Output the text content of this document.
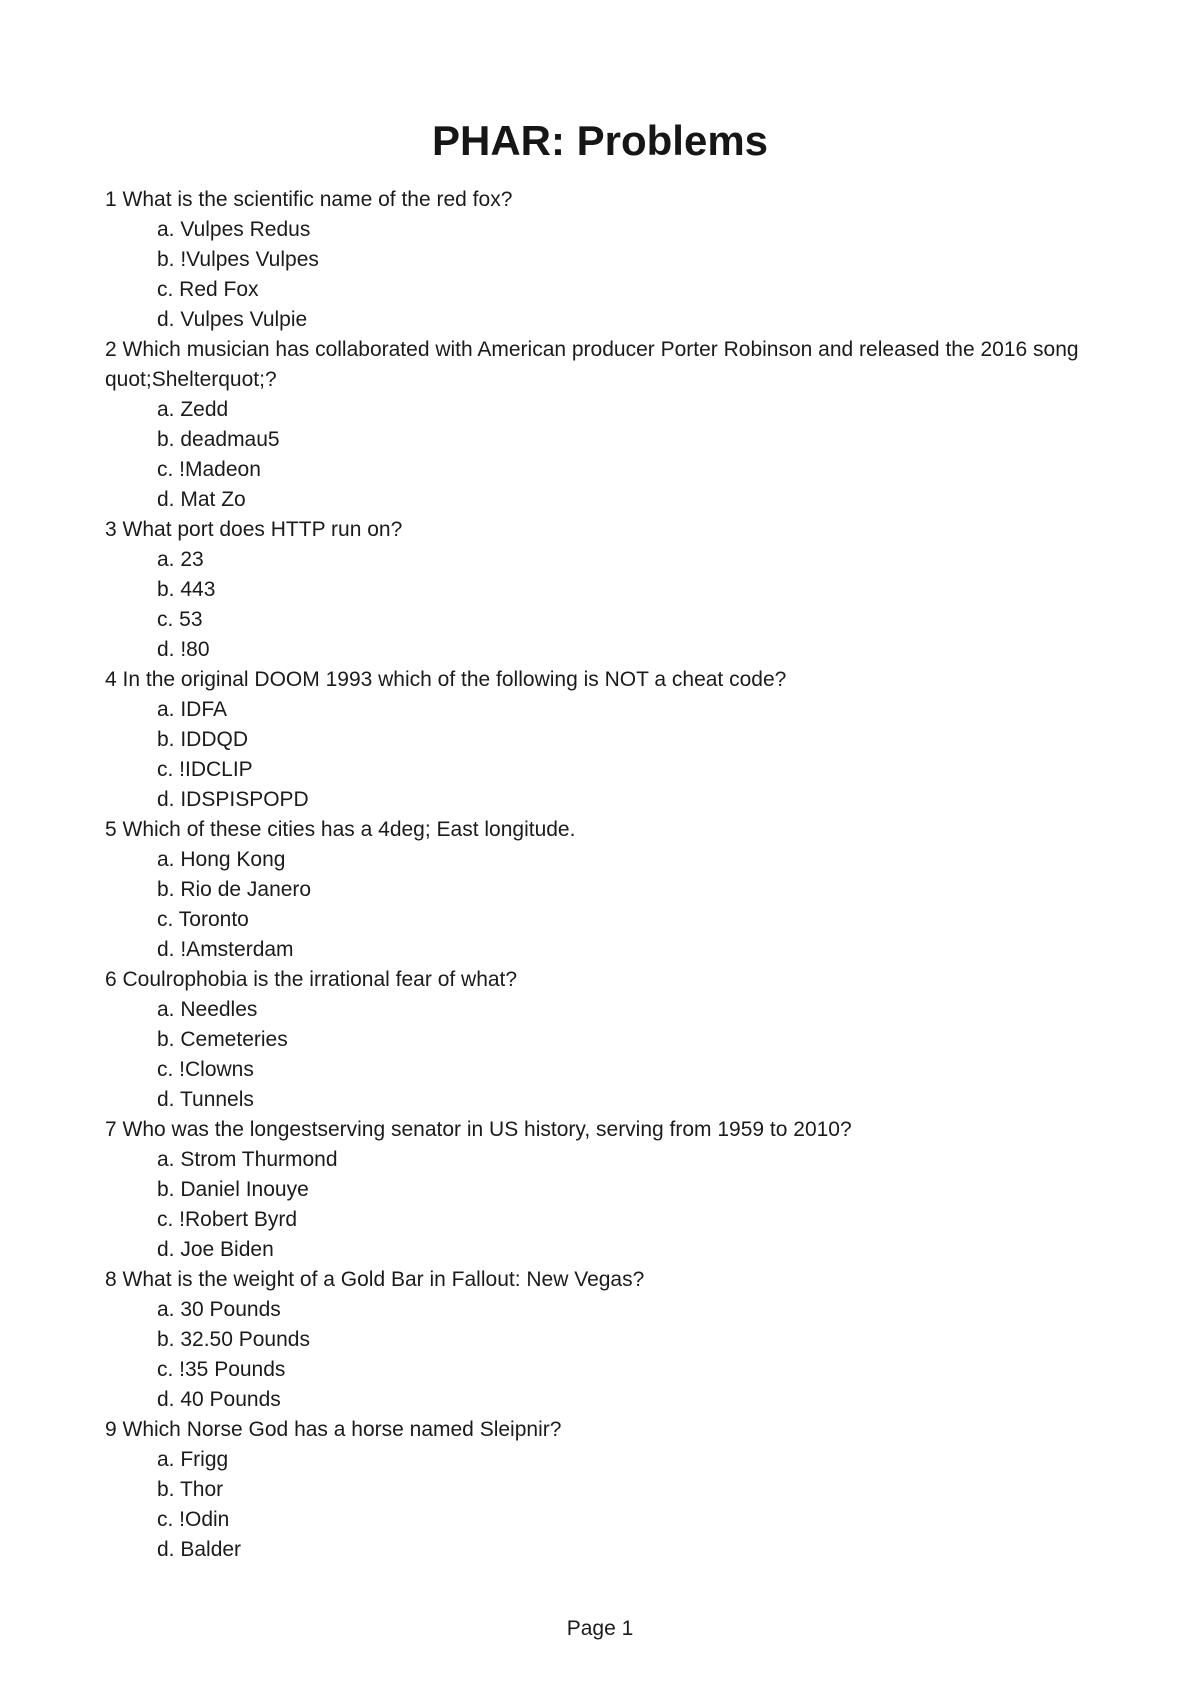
PHAR: Problems
1 What is the scientific name of the red fox?
a. Vulpes Redus
b. !Vulpes Vulpes
c. Red Fox
d. Vulpes Vulpie
2 Which musician has collaborated with American producer Porter Robinson and released the 2016 song quot;Shelterquot;?
a. Zedd
b. deadmau5
c. !Madeon
d. Mat Zo
3 What port does HTTP run on?
a. 23
b. 443
c. 53
d. !80
4 In the original DOOM 1993 which of the following is NOT a cheat code?
a. IDFA
b. IDDQD
c. !IDCLIP
d. IDSPISPOPD
5 Which of these cities has a 4deg; East longitude.
a. Hong Kong
b. Rio de Janero
c. Toronto
d. !Amsterdam
6 Coulrophobia is the irrational fear of what?
a. Needles
b. Cemeteries
c. !Clowns
d. Tunnels
7 Who was the longestserving senator in US history, serving from 1959 to 2010?
a. Strom Thurmond
b. Daniel Inouye
c. !Robert Byrd
d. Joe Biden
8 What is the weight of a Gold Bar in Fallout: New Vegas?
a. 30 Pounds
b. 32.50 Pounds
c. !35 Pounds
d. 40 Pounds
9 Which Norse God has a horse named Sleipnir?
a. Frigg
b. Thor
c. !Odin
d. Balder
Page 1
